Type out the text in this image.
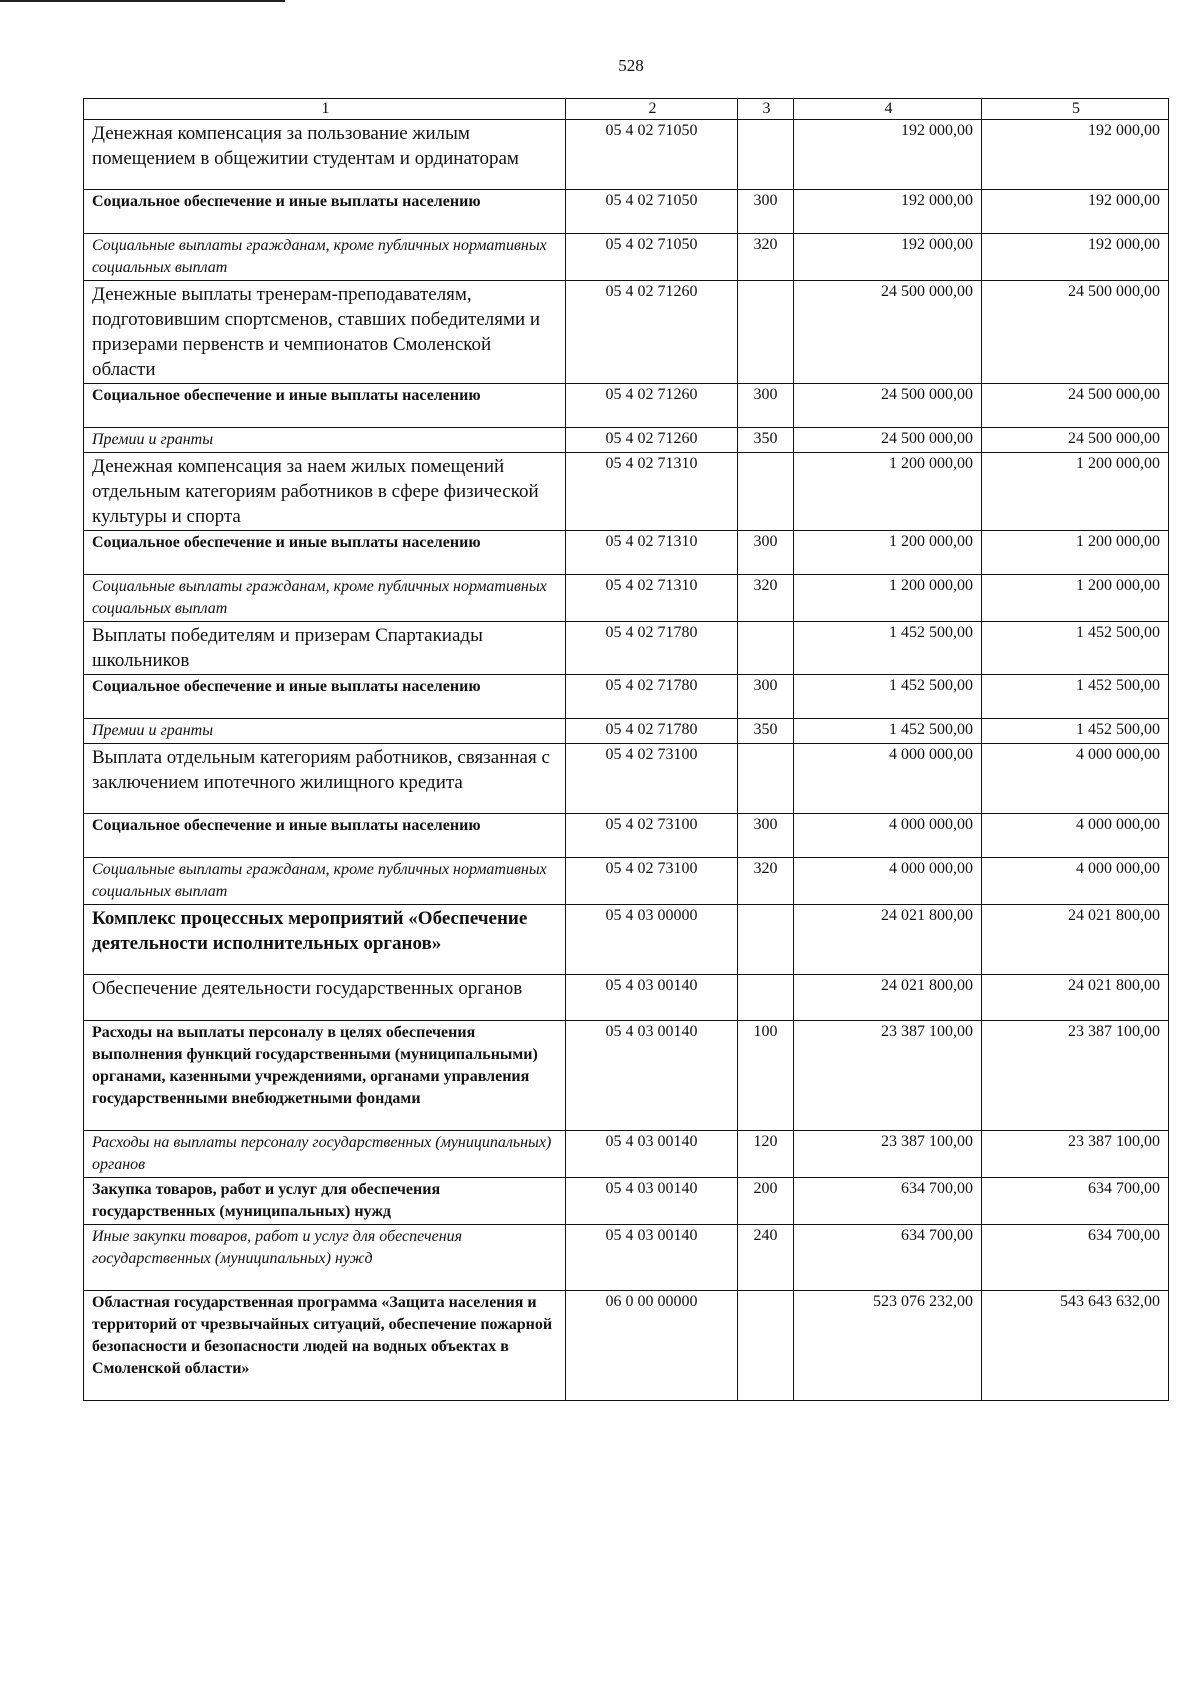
528
1	2	3	4	5
Денежная компенсация за пользование жилым помещением в общежитии студентам и ординаторам	05 4 02 71050		192 000,00	192 000,00
Социальное обеспечение и иные выплаты населению	05 4 02 71050	300	192 000,00	192 000,00
Социальные выплаты гражданам, кроме публичных нормативных социальных выплат	05 4 02 71050	320	192 000,00	192 000,00
Денежные выплаты тренерам-преподавателям, подготовившим спортсменов, ставших победителями и призерами первенств и чемпионатов Смоленской области	05 4 02 71260		24 500 000,00	24 500 000,00
Социальное обеспечение и иные выплаты населению	05 4 02 71260	300	24 500 000,00	24 500 000,00
Премии и гранты	05 4 02 71260	350	24 500 000,00	24 500 000,00
Денежная компенсация за наем жилых помещений отдельным категориям работников в сфере физической культуры и спорта	05 4 02 71310		1 200 000,00	1 200 000,00
Социальное обеспечение и иные выплаты населению	05 4 02 71310	300	1 200 000,00	1 200 000,00
Социальные выплаты гражданам, кроме публичных нормативных социальных выплат	05 4 02 71310	320	1 200 000,00	1 200 000,00
Выплаты победителям и призерам Спартакиады школьников	05 4 02 71780		1 452 500,00	1 452 500,00
Социальное обеспечение и иные выплаты населению	05 4 02 71780	300	1 452 500,00	1 452 500,00
Премии и гранты	05 4 02 71780	350	1 452 500,00	1 452 500,00
Выплата отдельным категориям работников, связанная с заключением ипотечного жилищного кредита	05 4 02 73100		4 000 000,00	4 000 000,00
Социальное обеспечение и иные выплаты населению	05 4 02 73100	300	4 000 000,00	4 000 000,00
Социальные выплаты гражданам, кроме публичных нормативных социальных выплат	05 4 02 73100	320	4 000 000,00	4 000 000,00
Комплекс процессных мероприятий «Обеспечение деятельности исполнительных органов»	05 4 03 00000		24 021 800,00	24 021 800,00
Обеспечение деятельности государственных органов	05 4 03 00140		24 021 800,00	24 021 800,00
Расходы на выплаты персоналу в целях обеспечения выполнения функций государственными (муниципальными) органами, казенными учреждениями, органами управления государственными внебюджетными фондами	05 4 03 00140	100	23 387 100,00	23 387 100,00
Расходы на выплаты персоналу государственных (муниципальных) органов	05 4 03 00140	120	23 387 100,00	23 387 100,00
Закупка товаров, работ и услуг для обеспечения государственных (муниципальных) нужд	05 4 03 00140	200	634 700,00	634 700,00
Иные закупки товаров, работ и услуг для обеспечения государственных (муниципальных) нужд	05 4 03 00140	240	634 700,00	634 700,00
Областная государственная программа «Защита населения и территорий от чрезвычайных ситуаций, обеспечение пожарной безопасности и безопасности людей на водных объектах в Смоленской области»	06 0 00 00000		523 076 232,00	543 643 632,00
